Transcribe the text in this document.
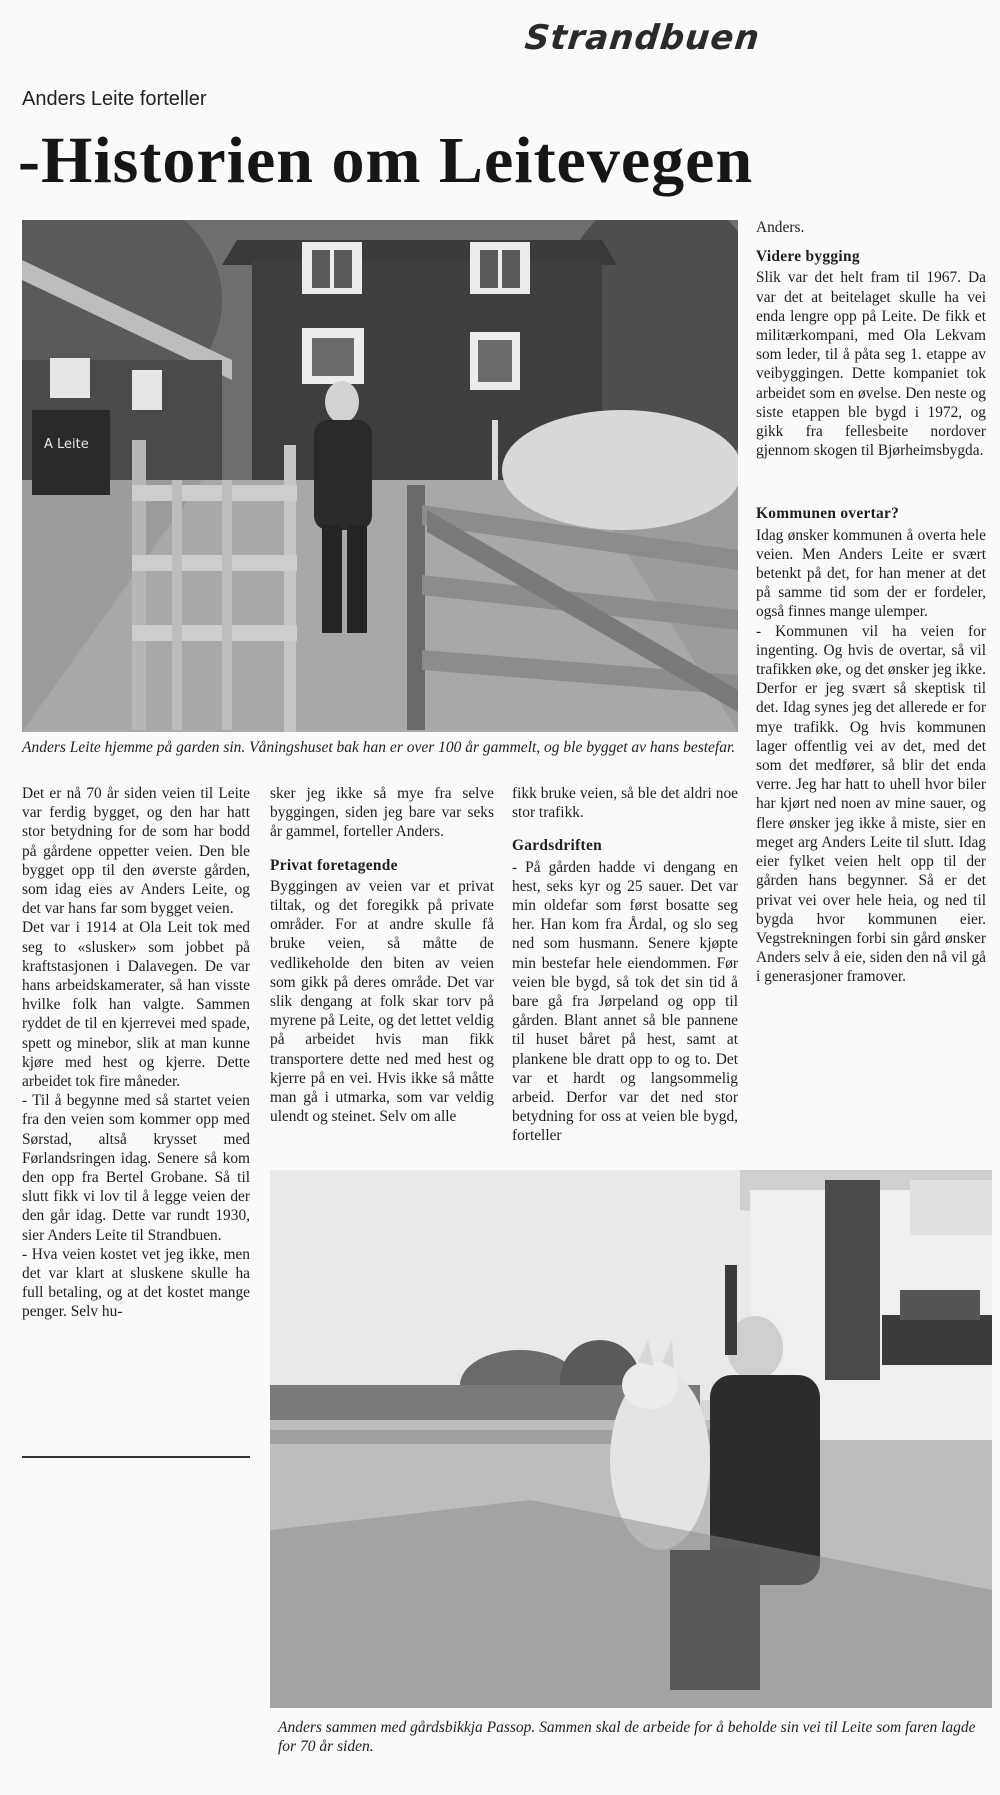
Strandbuen
Anders Leite forteller
-Historien om Leitevegen
A Leite
Anders Leite hjemme på garden sin. Våningshuset bak han er over 100 år gammelt, og ble bygget av hans bestefar.

Det er nå 70 år siden veien til Leite var ferdig bygget, og den har hatt stor betydning for de som har bodd på gårdene oppetter veien. Den ble bygget opp til den øverste gården, som idag eies av Anders Leite, og det var hans far som bygget veien.

Det var i 1914 at Ola Leit tok med seg to «slusker» som jobbet på kraftstasjonen i Dalavegen. De var hans arbeidskamerater, så han visste hvilke folk han valgte. Sammen ryddet de til en kjerrevei med spade, spett og minebor, slik at man kunne kjøre med hest og kjerre. Dette arbeidet tok fire måneder.

- Til å begynne med så startet veien fra den veien som kommer opp med Sørstad, altså krysset med Førlandsringen idag. Senere så kom den opp fra Bertel Grobane. Så til slutt fikk vi lov til å legge veien der den går idag. Dette var rundt 1930, sier Anders Leite til Strandbuen.

- Hva veien kostet vet jeg ikke, men det var klart at sluskene skulle ha full betaling, og at det kostet mange penger. Selv hu-

sker jeg ikke så mye fra selve byggingen, siden jeg bare var seks år gammel, forteller Anders.

Privat foretagende

Byggingen av veien var et privat tiltak, og det foregikk på private områder. For at andre skulle få bruke veien, så måtte de vedlikeholde den biten av veien som gikk på deres område. Det var slik dengang at folk skar torv på myrene på Leite, og det lettet veldig på arbeidet hvis man fikk transportere dette ned med hest og kjerre på en vei. Hvis ikke så måtte man gå i utmarka, som var veldig ulendt og steinet. Selv om alle

fikk bruke veien, så ble det aldri noe stor trafikk.

Gardsdriften

- På gården hadde vi dengang en hest, seks kyr og 25 sauer. Det var min oldefar som først bosatte seg her. Han kom fra Årdal, og slo seg ned som husmann. Senere kjøpte min bestefar hele eiendommen. Før veien ble bygd, så tok det sin tid å bare gå fra Jørpeland og opp til gården. Blant annet så ble pannene til huset båret på hest, samt at plankene ble dratt opp to og to. Det var et hardt og langsommelig arbeid. Derfor var det ned stor betydning for oss at veien ble bygd, forteller

Anders.

Videre bygging

Slik var det helt fram til 1967. Da var det at beitelaget skulle ha vei enda lengre opp på Leite. De fikk et militærkompani, med Ola Lekvam som leder, til å påta seg 1. etappe av veibyggingen. Dette kompaniet tok arbeidet som en øvelse. Den neste og siste etappen ble bygd i 1972, og gikk fra fellesbeite nordover gjennom skogen til Bjørheimsbygda.

Kommunen overtar?

Idag ønsker kommunen å overta hele veien. Men Anders Leite er svært betenkt på det, for han mener at det på samme tid som der er fordeler, også finnes mange ulemper.

- Kommunen vil ha veien for ingenting. Og hvis de overtar, så vil trafikken øke, og det ønsker jeg ikke. Derfor er jeg svært så skeptisk til det. Idag synes jeg det allerede er for mye trafikk. Og hvis kommunen lager offentlig vei av det, med det som det medfører, så blir det enda verre. Jeg har hatt to uhell hvor biler har kjørt ned noen av mine sauer, og flere ønsker jeg ikke å miste, sier en meget arg Anders Leite til slutt. Idag eier fylket veien helt opp til der gården hans begynner. Så er det privat vei over hele heia, og ned til bygda hvor kommunen eier. Vegstrekningen forbi sin gård ønsker Anders selv å eie, siden den nå vil gå i generasjoner framover.

Anders sammen med gårdsbikkja Passop. Sammen skal de arbeide for å beholde sin vei til Leite som faren lagde for 70 år siden.
